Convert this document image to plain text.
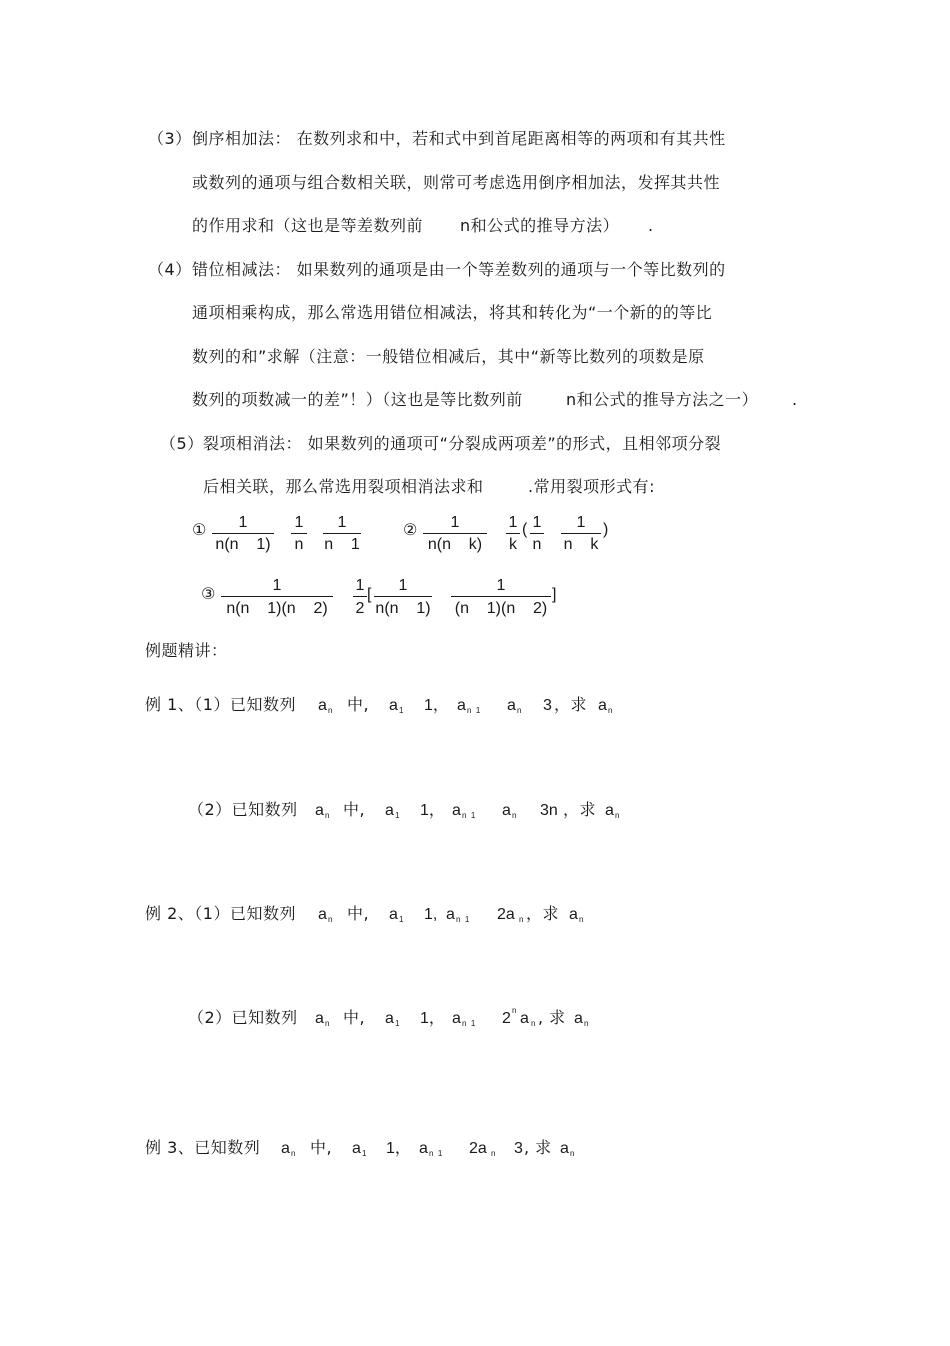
（3） 倒序相加法： 在数列求和中，若和式中到首尾距离相等的两项和有其共性
或数列的通项与组合数相关联，则常可考虑选用倒序相加法，发挥其共性
的作用求和（这也是等差数列前 n和公式的推导方法） .
（4） 错位相减法： 如果数列的通项是由一个等差数列的通项与一个等比数列的
通项相乘构成，那么常选用错位相减法，将其和转化为“一个新的的等比
数列的和”求解（注意：一般错位相减后，其中“新等比数列的项数是原
数列的项数减一的差”！）（这也是等比数列前	n和公式的推导方法之一） .
（5） 裂项相消法： 如果数列的通项可“分裂成两项差”的形式，且相邻项分裂
后相关联，那么常选用裂项相消法求和	.常用裂项形式有:
①	1
n(n    1)
1
n
1
n    1
②	1
n(n    k)
1
k
( 1
n
1
n    k
)
③
1
n(n    1)(n    2)
1
2
[
1
n(n    1)
1
(n    1)(n    2)
]
例题精讲：
例 1、（1）已知数列 a n 中, a 1 1， a n  1 a n 3 ，求 a n
（2）已知数列 a n 中, a 1 1， a n  1 a n 3n ，求 a n
例 2、（1）已知数列 a n 中, a 1 1, a n  1 2a n ，求 a n
（2）已知数列 a n 中, a 1 1， a n  1 2 n a n , 求 a n
例 3、已知数列 a n 中, a 1 1， a n  1 2a n 3 , 求 a n
